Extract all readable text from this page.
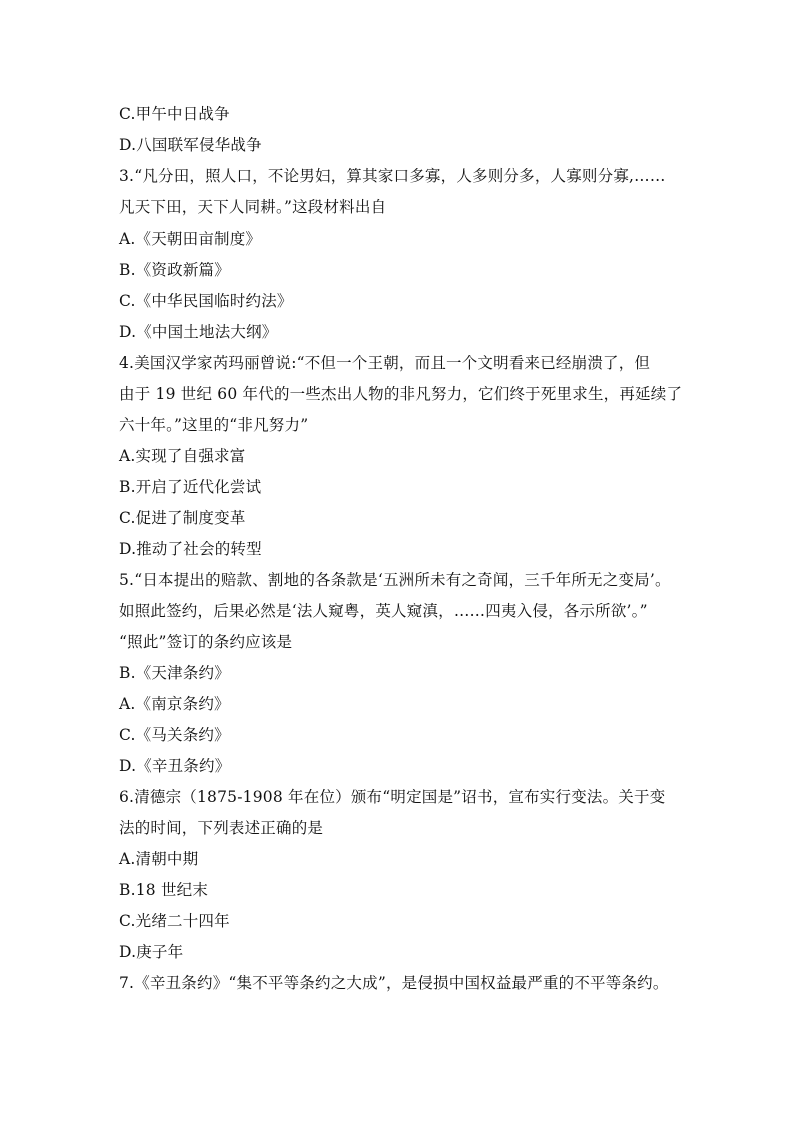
C.甲午中日战争
D.八国联军侵华战争
3.“凡分田，照人口，不论男妇，算其家口多寡，人多则分多，人寡则分寡,……
凡天下田，天下人同耕。”这段材料出自
A.《天朝田亩制度》
B.《资政新篇》
C.《中华民国临时约法》
D.《中国土地法大纲》
4.美国汉学家芮玛丽曾说:“不但一个王朝，而且一个文明看来已经崩溃了，但
由于 19 世纪 60 年代的一些杰出人物的非凡努力，它们终于死里求生，再延续了
六十年。”这里的“非凡努力”
A.实现了自强求富
B.开启了近代化尝试
C.促进了制度变革
D.推动了社会的转型
5.“日本提出的赔款、割地的各条款是‘五洲所未有之奇闻，三千年所无之变局’。
如照此签约，后果必然是‘法人窥粤，英人窥滇，……四夷入侵，各示所欲’。”
“照此”签订的条约应该是
B.《天津条约》
A.《南京条约》
C.《马关条约》
D.《辛丑条约》
6.清德宗（1875-1908 年在位）颁布“明定国是”诏书，宣布实行变法。关于变
法的时间，下列表述正确的是
A.清朝中期
B.18 世纪末
C.光绪二十四年
D.庚子年
7.《辛丑条约》“集不平等条约之大成”，是侵损中国权益最严重的不平等条约。
